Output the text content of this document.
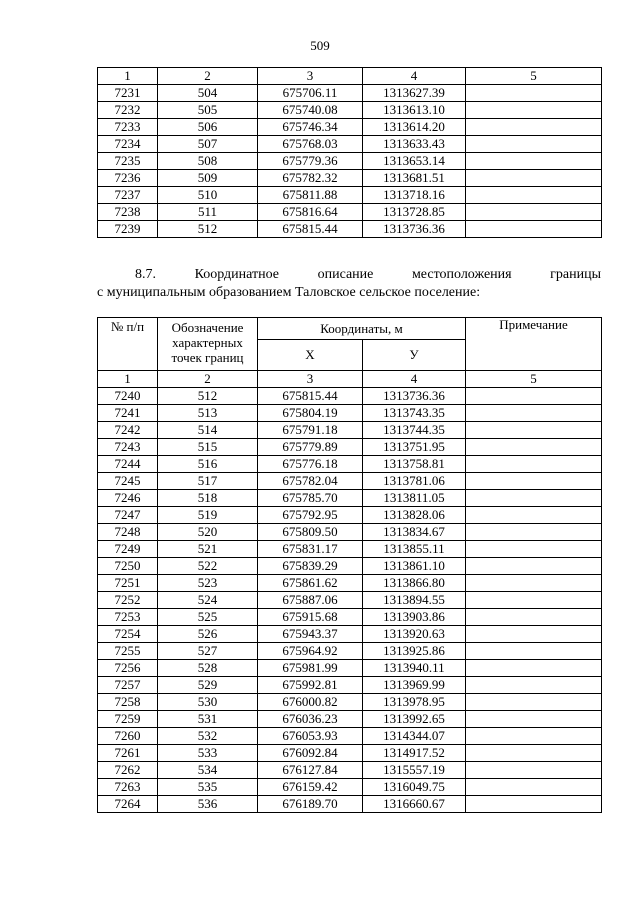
509
1	2	3	4	5
7231	504	675706.11	1313627.39	
7232	505	675740.08	1313613.10	
7233	506	675746.34	1313614.20	
7234	507	675768.03	1313633.43	
7235	508	675779.36	1313653.14	
7236	509	675782.32	1313681.51	
7237	510	675811.88	1313718.16	
7238	511	675816.64	1313728.85	
7239	512	675815.44	1313736.36	
8.7.	Координатное	описание	местоположения	границы
с муниципальным образованием Таловское сельское поселение:
№ п/п	Обозначение характерных точек границ	Координаты, м		Примечание
		Х	У	
1	2	3	4	5
7240	512	675815.44	1313736.36	
7241	513	675804.19	1313743.35	
7242	514	675791.18	1313744.35	
7243	515	675779.89	1313751.95	
7244	516	675776.18	1313758.81	
7245	517	675782.04	1313781.06	
7246	518	675785.70	1313811.05	
7247	519	675792.95	1313828.06	
7248	520	675809.50	1313834.67	
7249	521	675831.17	1313855.11	
7250	522	675839.29	1313861.10	
7251	523	675861.62	1313866.80	
7252	524	675887.06	1313894.55	
7253	525	675915.68	1313903.86	
7254	526	675943.37	1313920.63	
7255	527	675964.92	1313925.86	
7256	528	675981.99	1313940.11	
7257	529	675992.81	1313969.99	
7258	530	676000.82	1313978.95	
7259	531	676036.23	1313992.65	
7260	532	676053.93	1314344.07	
7261	533	676092.84	1314917.52	
7262	534	676127.84	1315557.19	
7263	535	676159.42	1316049.75	
7264	536	676189.70	1316660.67	
